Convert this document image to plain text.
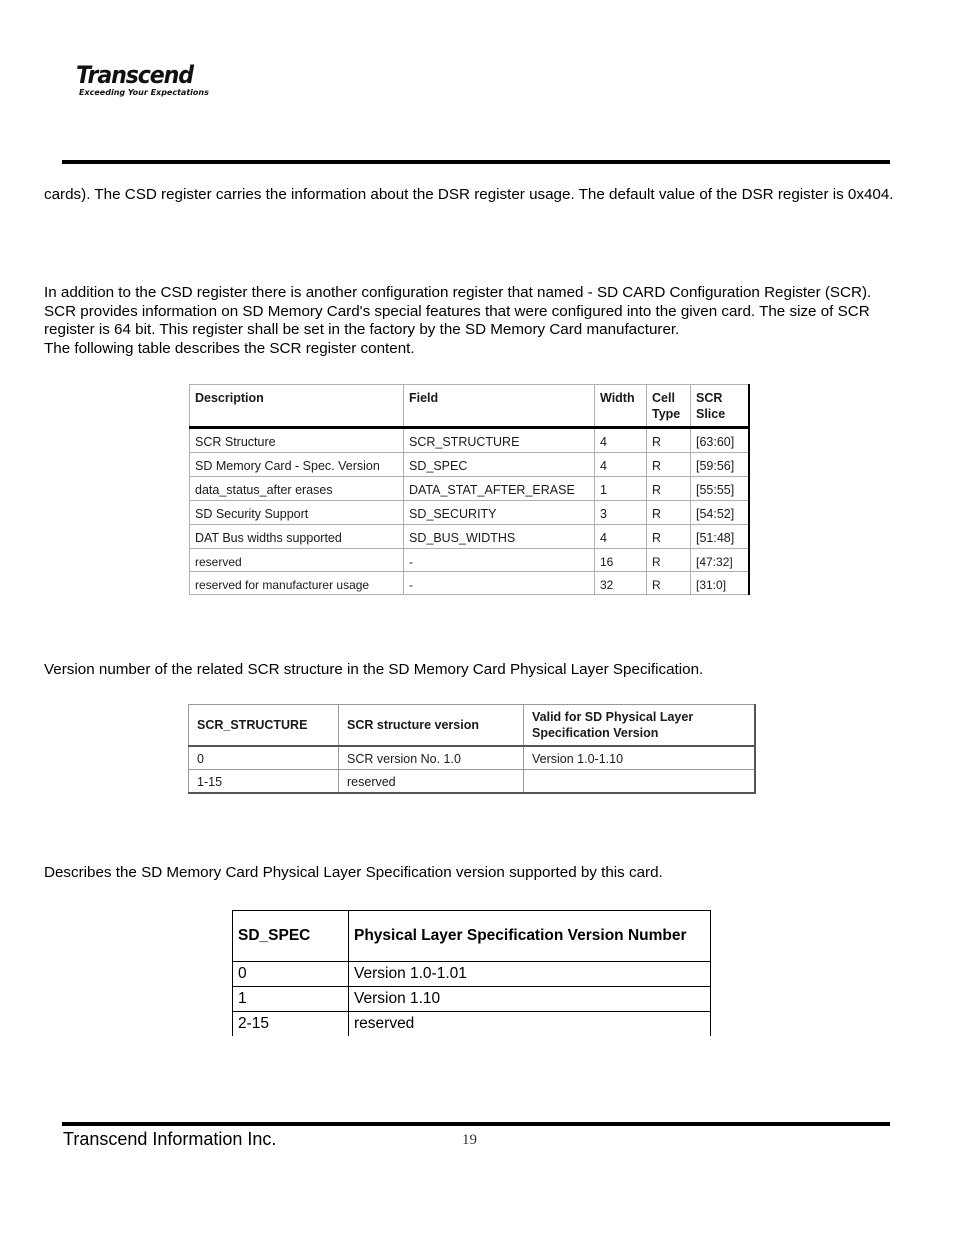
Transcend
Exceeding Your Expectations

cards). The CSD register carries the information about the DSR register usage. The default value of the DSR register is 0x404.

In addition to the CSD register there is another configuration register that named - SD CARD Configuration Register (SCR). SCR provides information on SD Memory Card's special features that were configured into the given card. The size of SCR register is 64 bit. This register shall be set in the factory by the SD Memory Card manufacturer.

The following table describes the SCR register content.

Description	Field	Width	Cell Type	SCR Slice
SCR Structure	SCR_STRUCTURE	4	R	[63:60]
SD Memory Card - Spec. Version	SD_SPEC	4	R	[59:56]
data_status_after erases	DATA_STAT_AFTER_ERASE	1	R	[55:55]
SD Security Support	SD_SECURITY	3	R	[54:52]
DAT Bus widths supported	SD_BUS_WIDTHS	4	R	[51:48]
reserved	-	16	R	[47:32]
reserved for manufacturer usage	-	32	R	[31:0]

Version number of the related SCR structure in the SD Memory Card Physical Layer Specification.

SCR_STRUCTURE	SCR structure version	Valid for SD Physical Layer Specification Version
0	SCR version No. 1.0	Version 1.0-1.10
1-15	reserved	

Describes the SD Memory Card Physical Layer Specification version supported by this card.

SD_SPEC	Physical Layer Specification Version Number
0	Version 1.0-1.01
1	Version 1.10
2-15	reserved
Transcend Information Inc.	19
